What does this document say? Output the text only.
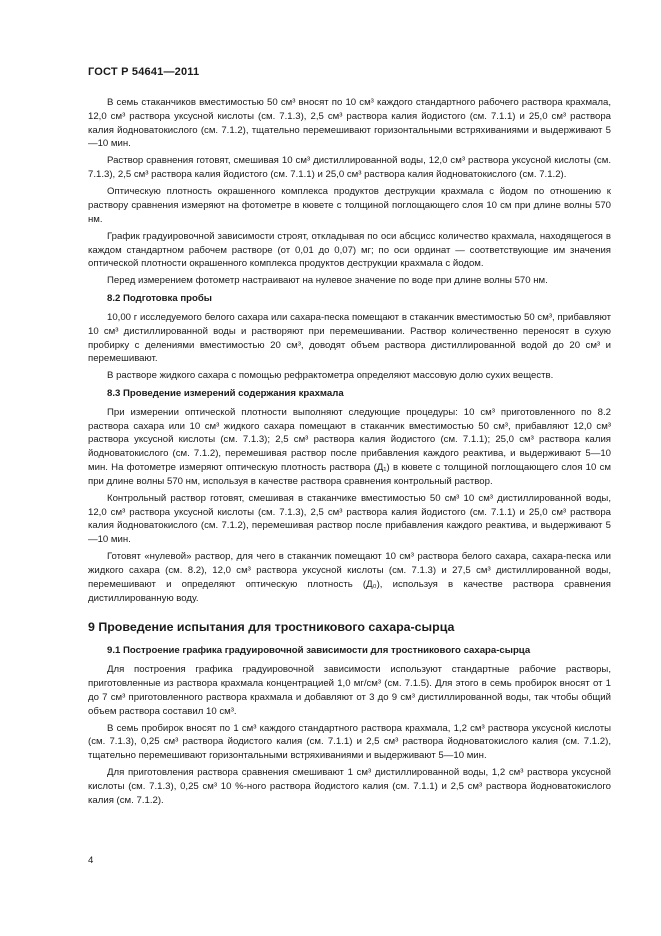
ГОСТ Р 54641—2011

В семь стаканчиков вместимостью 50 см³ вносят по 10 см³ каждого стандартного рабочего раствора крахмала, 12,0 см³ раствора уксусной кислоты (см. 7.1.3), 2,5 см³ раствора калия йодистого (см. 7.1.1) и 25,0 см³ раствора калия йодноватокислого (см. 7.1.2), тщательно перемешивают горизонтальными встряхиваниями и выдерживают 5—10 мин.

Раствор сравнения готовят, смешивая 10 см³ дистиллированной воды, 12,0 см³ раствора уксусной кислоты (см. 7.1.3), 2,5 см³ раствора калия йодистого (см. 7.1.1) и 25,0 см³ раствора калия йодноватокислого (см. 7.1.2).

Оптическую плотность окрашенного комплекса продуктов деструкции крахмала с йодом по отношению к раствору сравнения измеряют на фотометре в кювете с толщиной поглощающего слоя 10 см при длине волны 570 нм.

График градуировочной зависимости строят, откладывая по оси абсцисс количество крахмала, находящегося в каждом стандартном рабочем растворе (от 0,01 до 0,07) мг; по оси ординат — соответствующие им значения оптической плотности окрашенного комплекса продуктов деструкции крахмала с йодом.

Перед измерением фотометр настраивают на нулевое значение по воде при длине волны 570 нм.

8.2 Подготовка пробы

10,00 г исследуемого белого сахара или сахара-песка помещают в стаканчик вместимостью 50 см³, прибавляют 10 см³ дистиллированной воды и растворяют при перемешивании. Раствор количественно переносят в сухую пробирку с делениями вместимостью 20 см³, доводят объем раствора дистиллированной водой до 20 см³ и перемешивают.

В растворе жидкого сахара с помощью рефрактометра определяют массовую долю сухих веществ.

8.3 Проведение измерений содержания крахмала

При измерении оптической плотности выполняют следующие процедуры: 10 см³ приготовленного по 8.2 раствора сахара или 10 см³ жидкого сахара помещают в стаканчик вместимостью 50 см³, прибавляют 12,0 см³ раствора уксусной кислоты (см. 7.1.3); 2,5 см³ раствора калия йодистого (см. 7.1.1); 25,0 см³ раствора калия йодноватокислого (см. 7.1.2), перемешивая раствор после прибавления каждого реактива, и выдерживают 5—10 мин. На фотометре измеряют оптическую плотность раствора (Д₁) в кювете с толщиной поглощающего слоя 10 см при длине волны 570 нм, используя в качестве раствора сравнения контрольный раствор.

Контрольный раствор готовят, смешивая в стаканчике вместимостью 50 см³ 10 см³ дистиллированной воды, 12,0 см³ раствора уксусной кислоты (см. 7.1.3), 2,5 см³ раствора калия йодистого (см. 7.1.1) и 25,0 см³ раствора калия йодноватокислого (см. 7.1.2), перемешивая раствор после прибавления каждого реактива, и выдерживают 5—10 мин.

Готовят «нулевой» раствор, для чего в стаканчик помещают 10 см³ раствора белого сахара, сахара-песка или жидкого сахара (см. 8.2), 12,0 см³ раствора уксусной кислоты (см. 7.1.3) и 27,5 см³ дистиллированной воды, перемешивают и определяют оптическую плотность (Д₀), используя в качестве раствора сравнения дистиллированную воду.

9 Проведение испытания для тростникового сахара-сырца
9.1 Построение графика градуировочной зависимости для тростникового сахара-сырца

Для построения графика градуировочной зависимости используют стандартные рабочие растворы, приготовленные из раствора крахмала концентрацией 1,0 мг/см³ (см. 7.1.5). Для этого в семь пробирок вносят от 1 до 7 см³ приготовленного раствора крахмала и добавляют от 3 до 9 см³ дистиллированной воды, так чтобы общий объем раствора составил 10 см³.

В семь пробирок вносят по 1 см³ каждого стандартного раствора крахмала, 1,2 см³ раствора уксусной кислоты (см. 7.1.3), 0,25 см³ раствора йодистого калия (см. 7.1.1) и 2,5 см³ раствора йодноватокислого калия (см. 7.1.2), тщательно перемешивают горизонтальными встряхиваниями и выдерживают 5—10 мин.

Для приготовления раствора сравнения смешивают 1 см³ дистиллированной воды, 1,2 см³ раствора уксусной кислоты (см. 7.1.3), 0,25 см³ 10 %-ного раствора йодистого калия (см. 7.1.1) и 2,5 см³ раствора йодноватокислого калия (см. 7.1.2).

4
